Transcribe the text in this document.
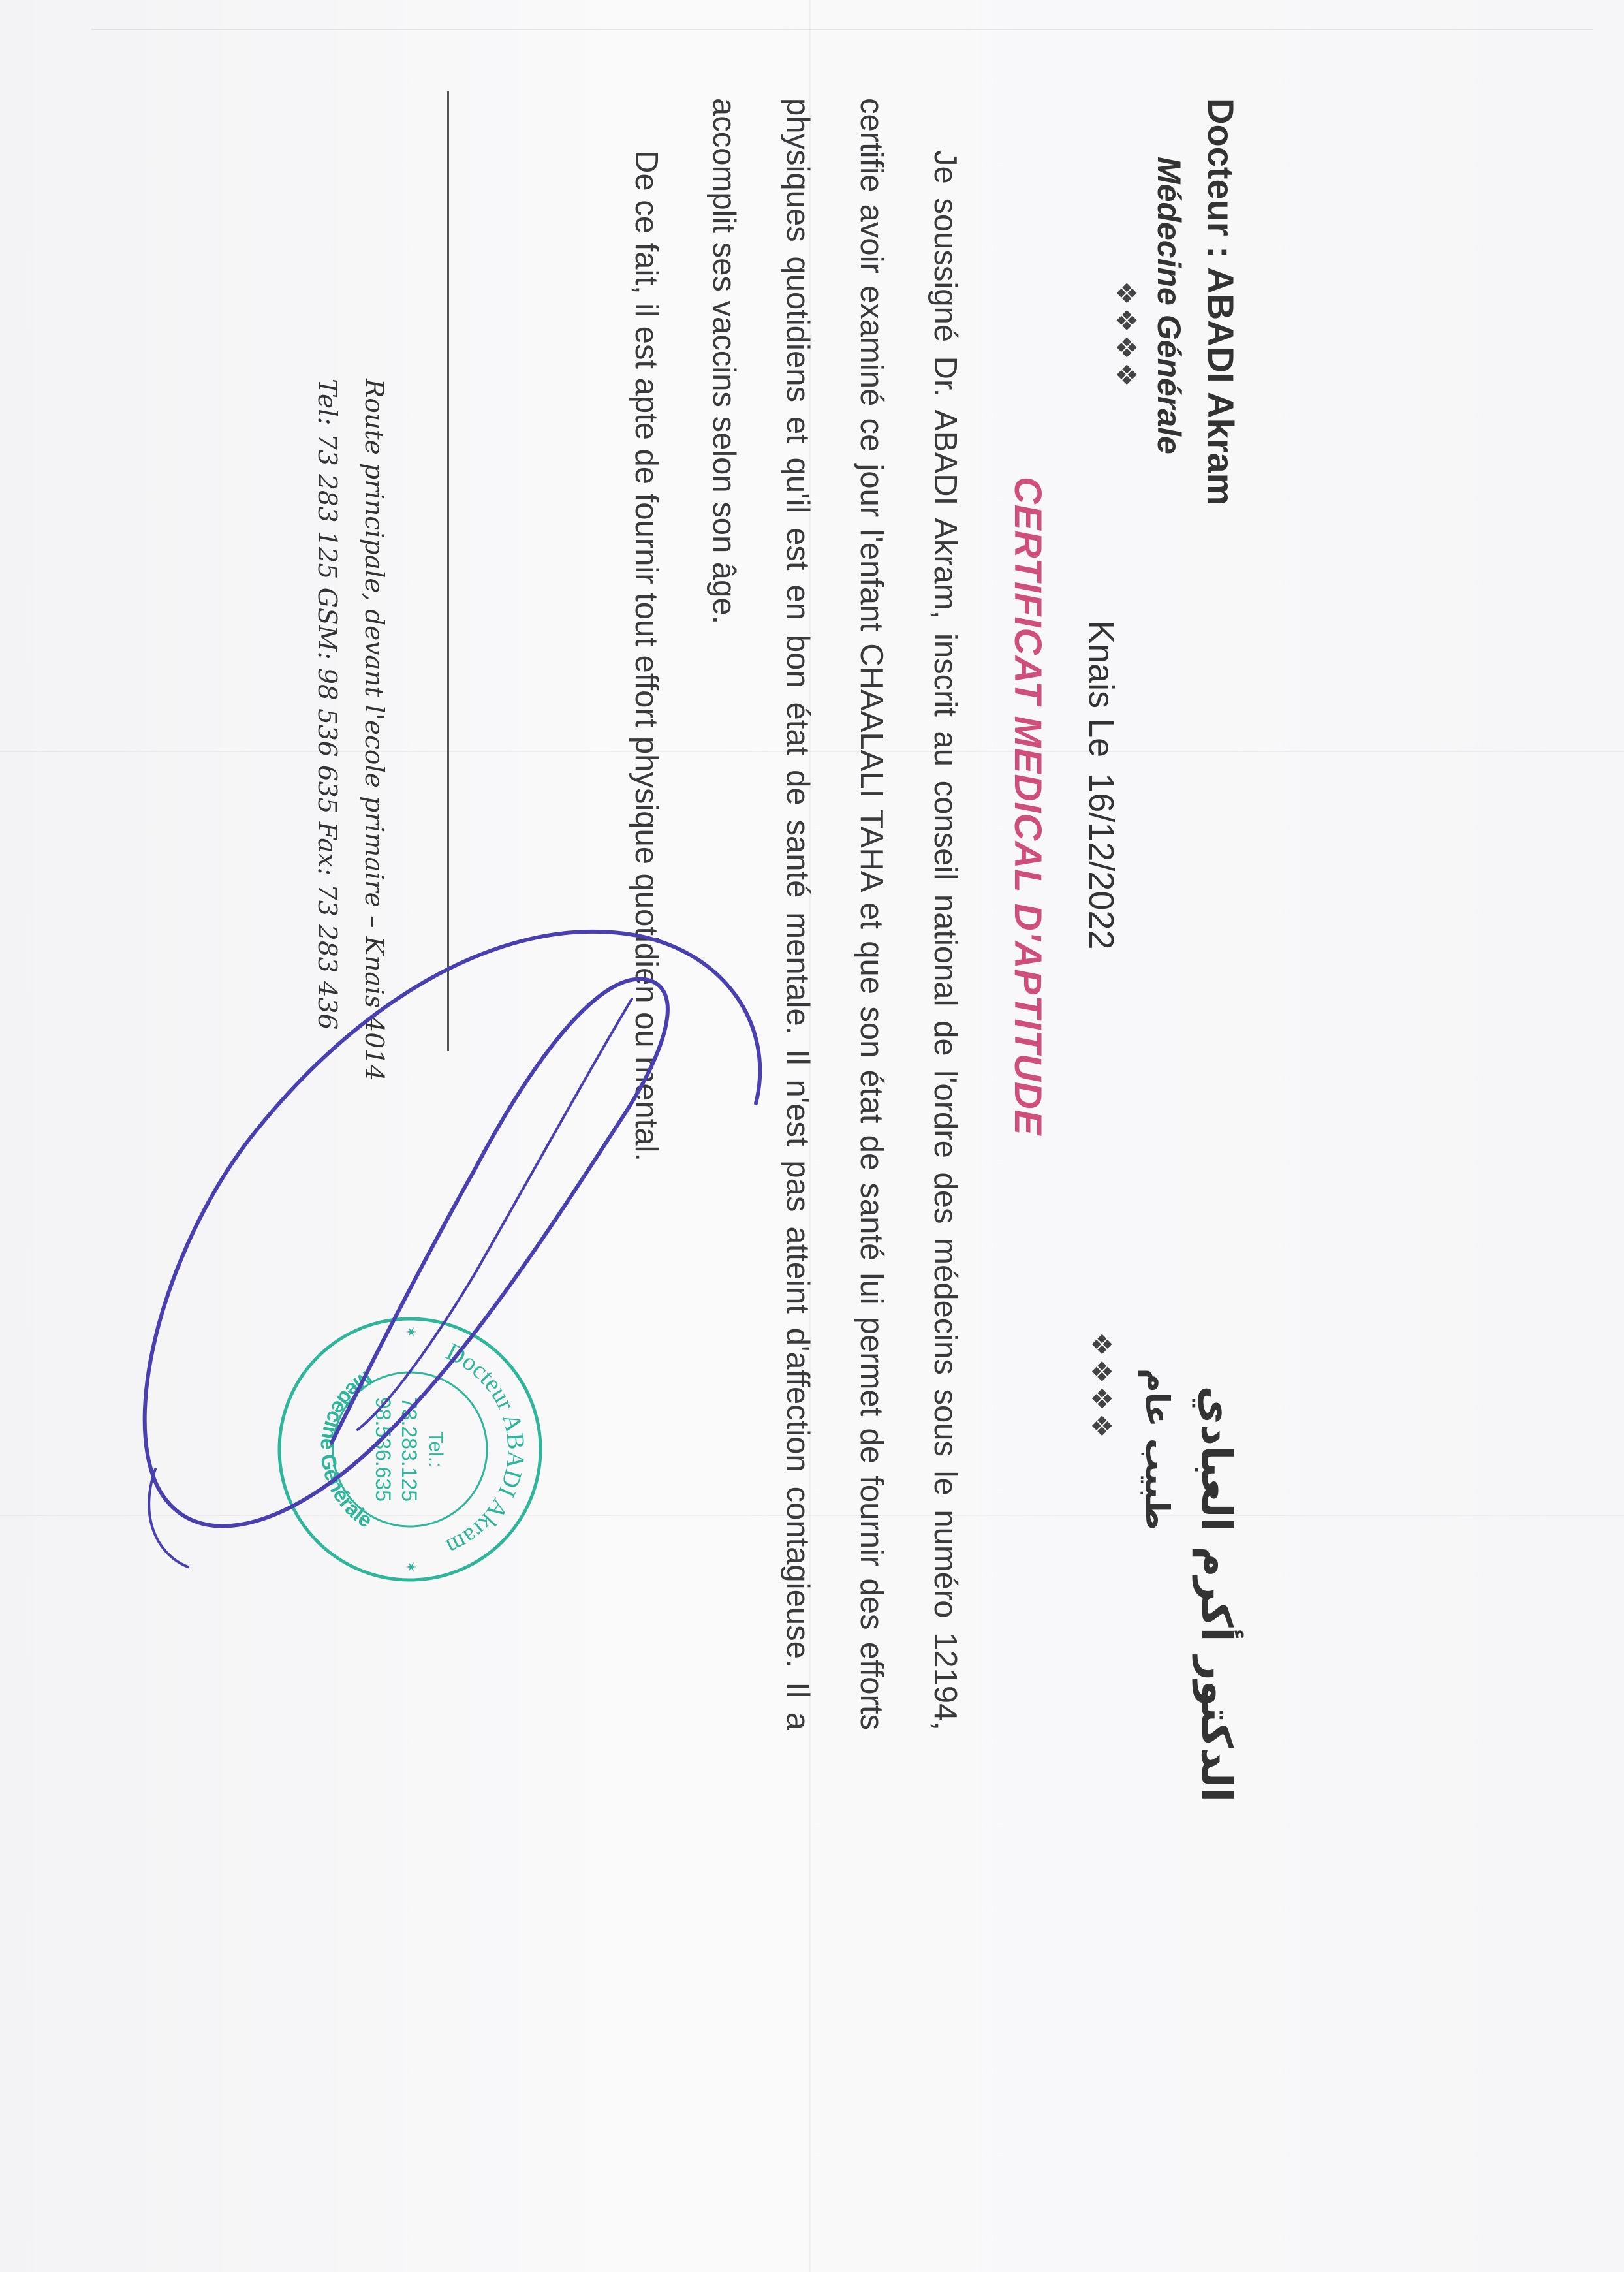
Docteur : ABADI Akram
Médecine Générale
❖❖❖❖
الدكتور أكرم العبادي
طبيب عام
❖❖❖❖
Knais Le16/12/2022
CERTIFICAT MEDICAL D'APTITUDE

Je soussigné Dr. ABADI Akram, inscrit au conseil national de l'ordre des médecins sous le numéro 12194, certifie avoir examiné ce jour l'enfant CHAALALI TAHA et que son état de santé lui permet de fournir des efforts physiques quotidiens et qu'il est en bon état de santé mentale. Il n'est pas atteint d'affection contagieuse. Il a accomplit ses vaccins selon son âge.

De ce fait, il est apte de fournir tout effort physique quotidien ou mental.

Route principale, devant l'ecole primaire – Knais 4014
Tel: 73 283 125 GSM: 98 536 635 Fax: 73 283 436
Docteur ABADI Akram
Médecine Générale
Tel.:
73.283.125
98.536.635
✶
✶
